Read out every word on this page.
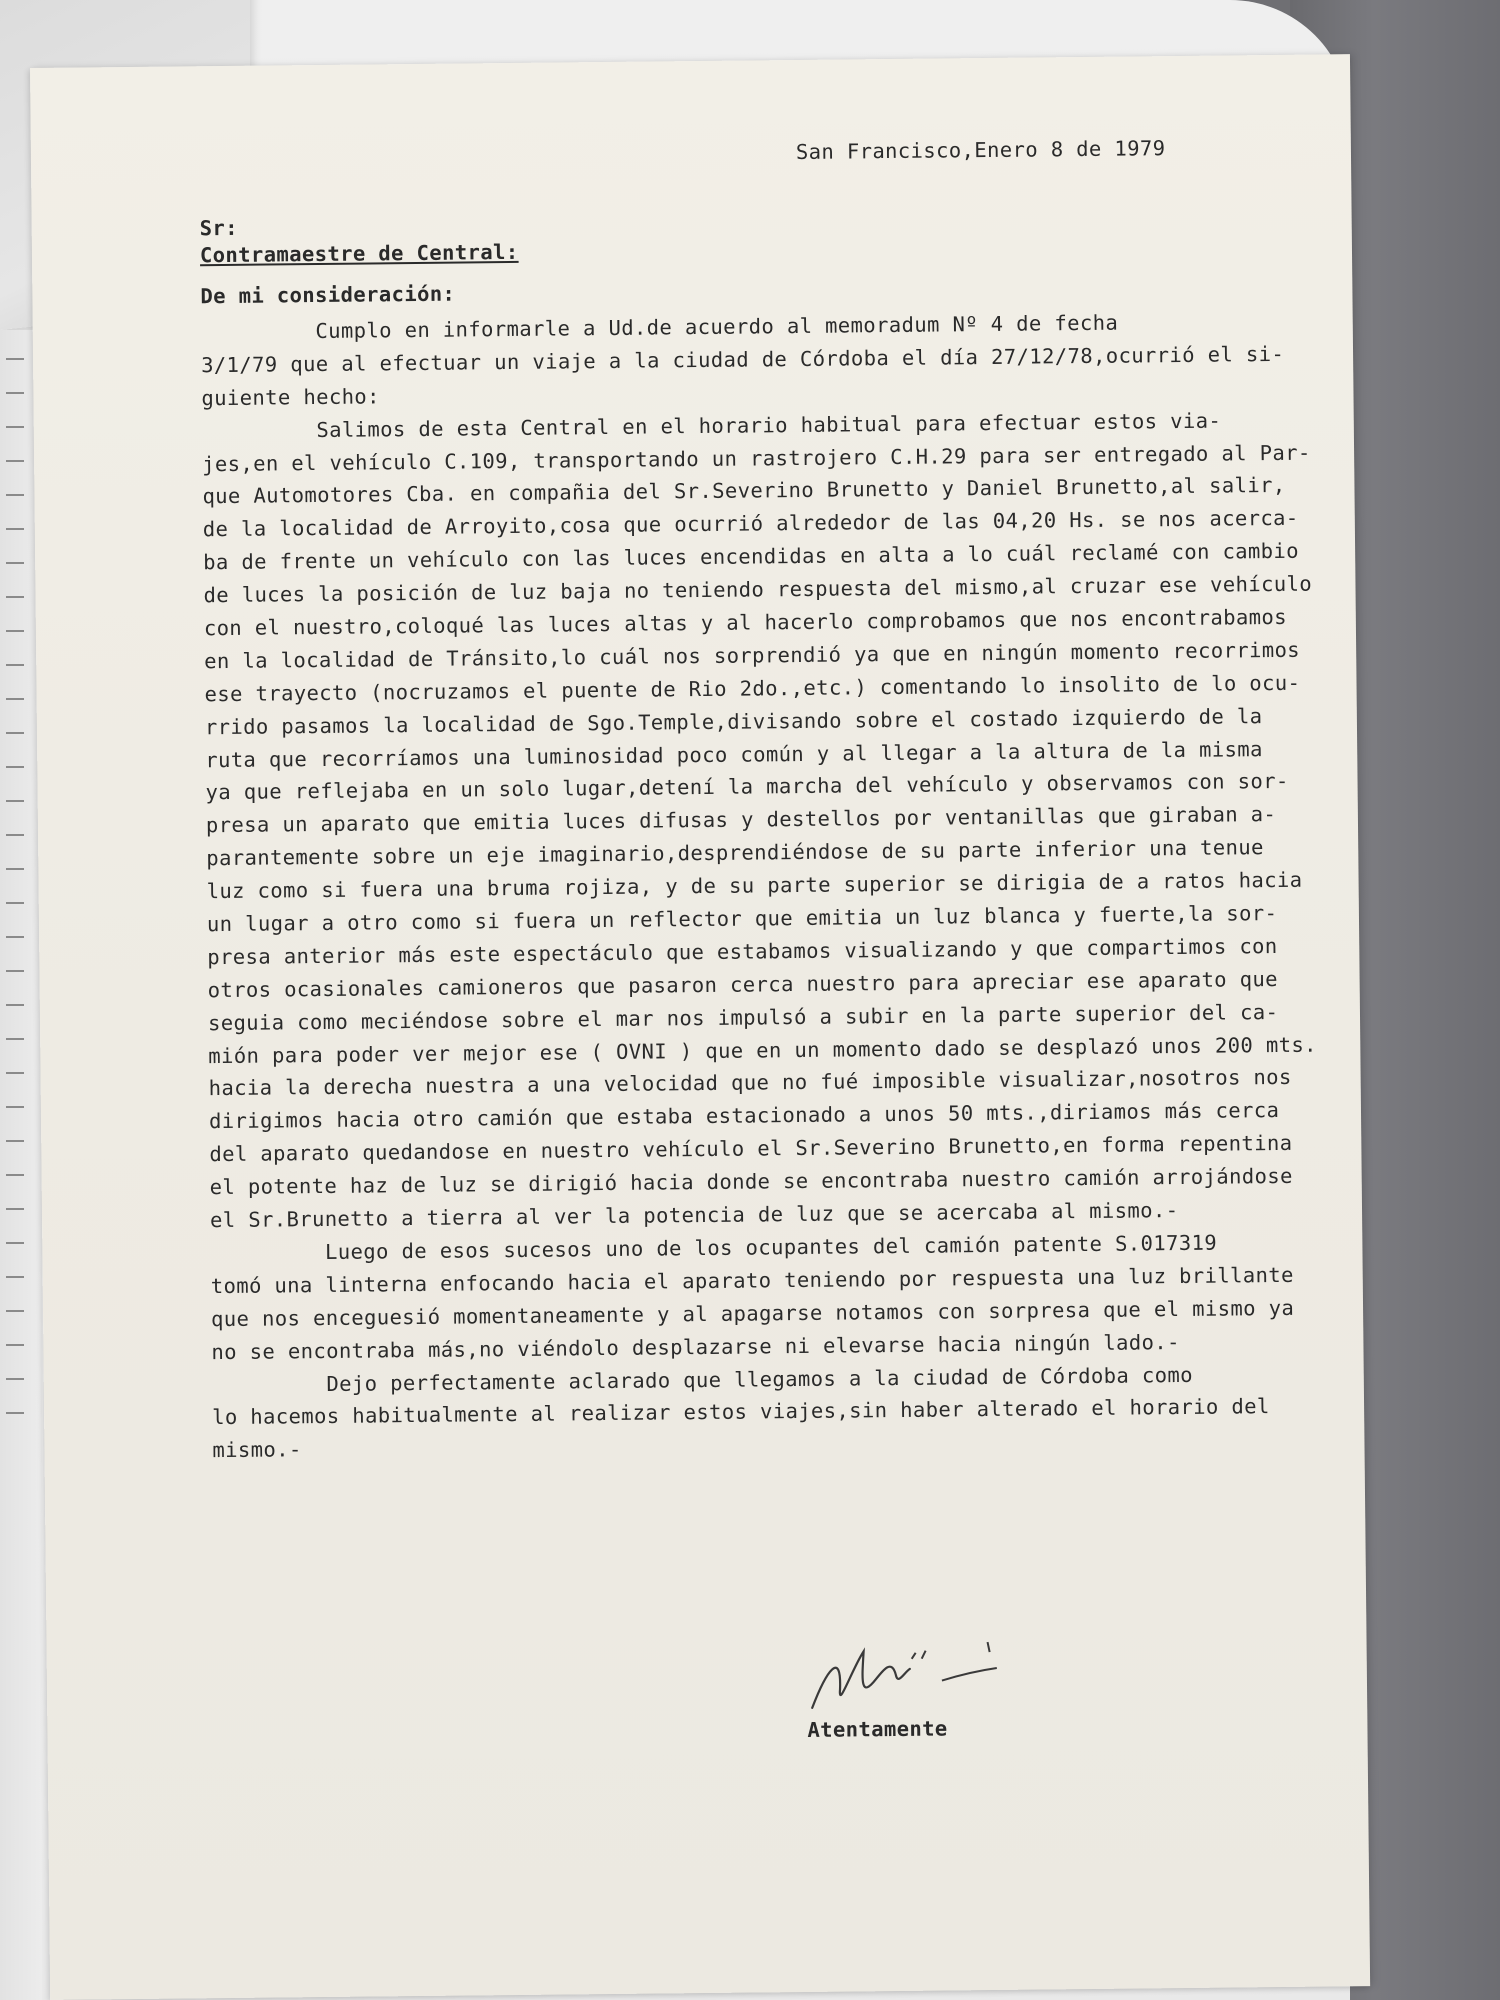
San Francisco,Enero 8 de 1979
Sr:
Contramaestre de Central:
De mi consideración:
Cumplo en informarle a Ud.de acuerdo al memoradum Nº 4 de fecha
3/1/79 que al efectuar un viaje a la ciudad de Córdoba el día 27/12/78,ocurrió el si-
guiente hecho:
Salimos de esta Central en el horario habitual para efectuar estos via-
jes,en el vehículo C.109, transportando un rastrojero C.H.29 para ser entregado al Par-
que Automotores Cba. en compañia del Sr.Severino Brunetto y Daniel Brunetto,al salir,
de la localidad de Arroyito,cosa que ocurrió alrededor de las 04,20 Hs. se nos acerca-
ba de frente un vehículo con las luces encendidas en alta a lo cuál reclamé con cambio
de luces la posición de luz baja no teniendo respuesta del mismo,al cruzar ese vehículo
con el nuestro,coloqué las luces altas y al hacerlo comprobamos que nos encontrabamos
en la localidad de Tránsito,lo cuál nos sorprendió ya que en ningún momento recorrimos
ese trayecto (nocruzamos el puente de Rio 2do.,etc.) comentando lo insolito de lo ocu-
rrido pasamos la localidad de Sgo.Temple,divisando sobre el costado izquierdo de la
ruta que recorríamos una luminosidad poco común y al llegar a la altura de la misma
ya que reflejaba en un solo lugar,detení la marcha del vehículo y observamos con sor-
presa un aparato que emitia luces difusas y destellos por ventanillas que giraban a-
parantemente sobre un eje imaginario,desprendiéndose de su parte inferior una tenue
luz como si fuera una bruma rojiza, y de su parte superior se dirigia de a ratos hacia
un lugar a otro como si fuera un reflector que emitia un luz blanca y fuerte,la sor-
presa anterior más este espectáculo que estabamos visualizando y que compartimos con
otros ocasionales camioneros que pasaron cerca nuestro para apreciar ese aparato que
seguia como meciéndose sobre el mar nos impulsó a subir en la parte superior del ca-
mión para poder ver mejor ese ( OVNI ) que en un momento dado se desplazó unos 200 mts.
hacia la derecha nuestra a una velocidad que no fué imposible visualizar,nosotros nos
dirigimos hacia otro camión que estaba estacionado a unos 50 mts.,diriamos más cerca
del aparato quedandose en nuestro vehículo el Sr.Severino Brunetto,en forma repentina
el potente haz de luz se dirigió hacia donde se encontraba nuestro camión arrojándose
el Sr.Brunetto a tierra al ver la potencia de luz que se acercaba al mismo.-
Luego de esos sucesos uno de los ocupantes del camión patente S.017319
tomó una linterna enfocando hacia el aparato teniendo por respuesta una luz brillante
que nos enceguesió momentaneamente y al apagarse notamos con sorpresa que el mismo ya
no se encontraba más,no viéndolo desplazarse ni elevarse hacia ningún lado.-
Dejo perfectamente aclarado que llegamos a la ciudad de Córdoba como
lo hacemos habitualmente al realizar estos viajes,sin haber alterado el horario del
mismo.-
Atentamente
